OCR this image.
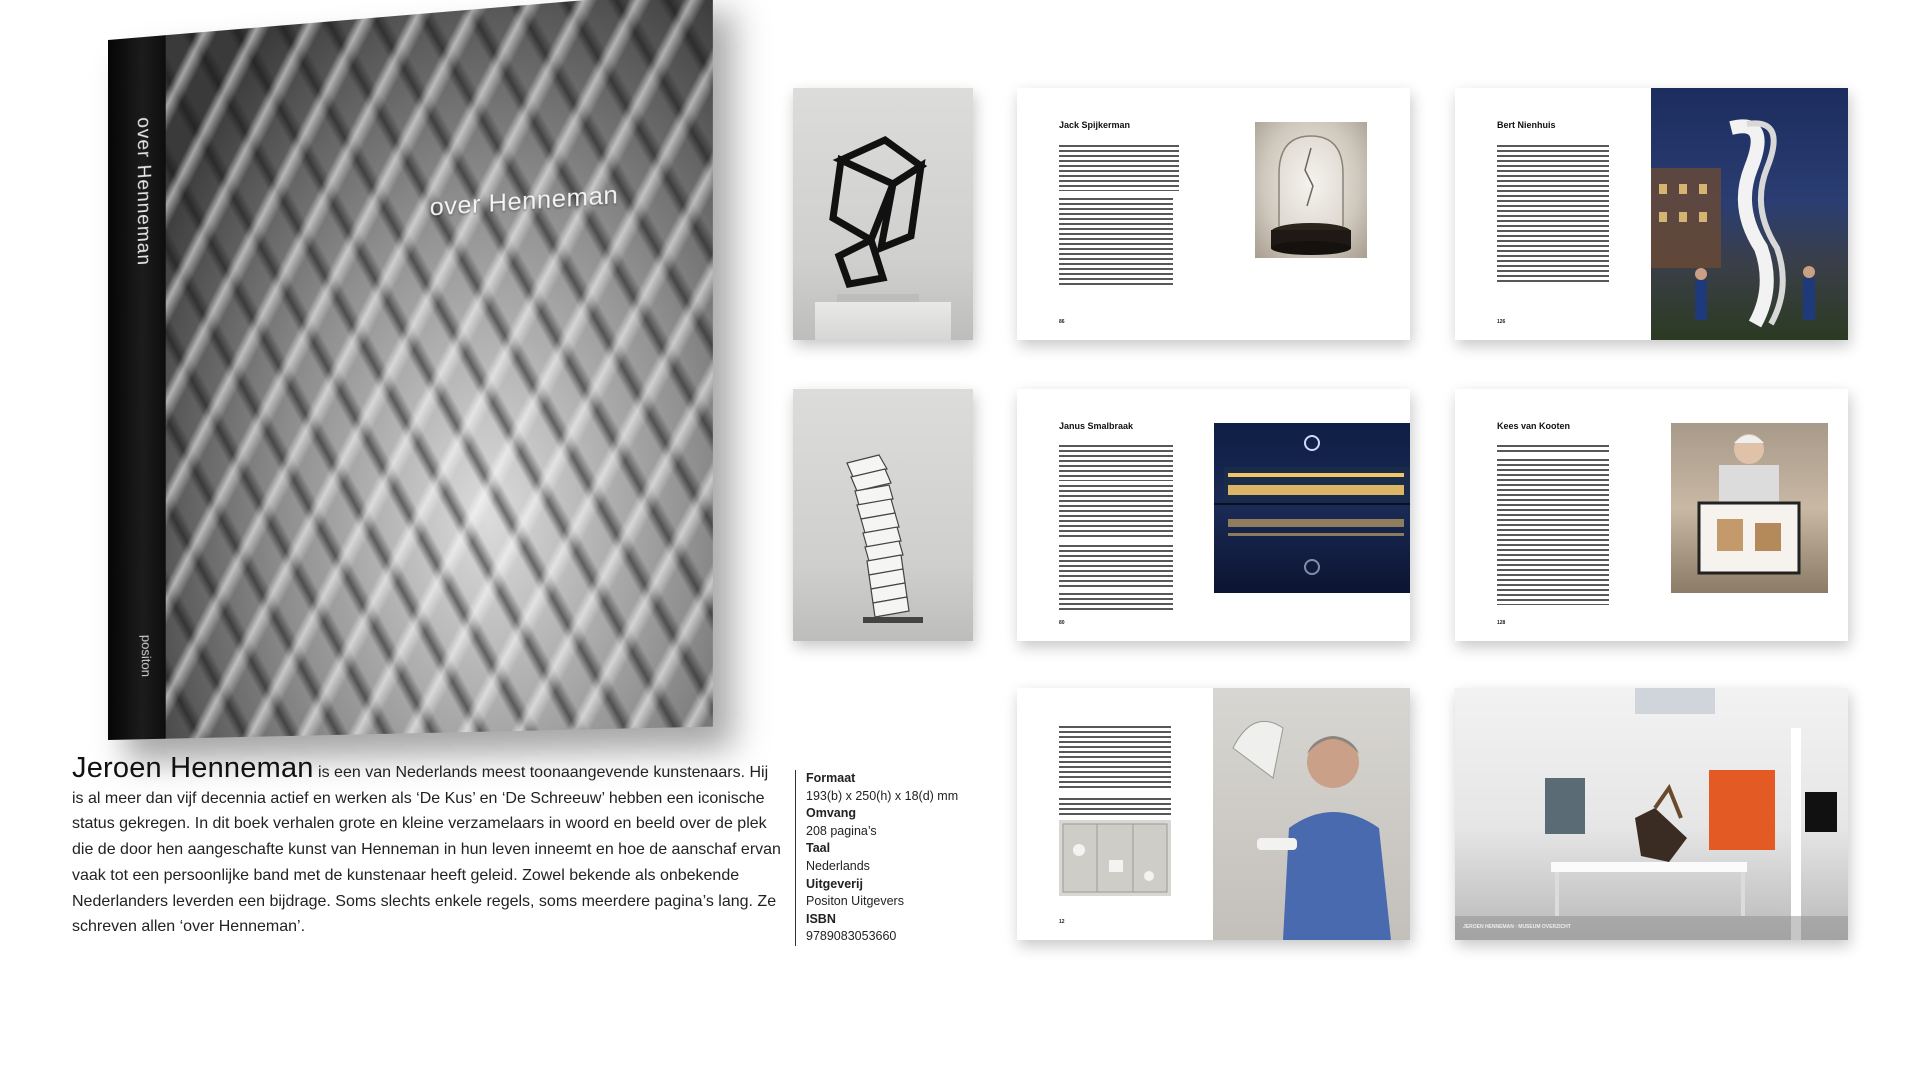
over Henneman
positon
over Henneman
Jeroen Henneman is een van Nederlands meest toonaangevende kunstenaars. Hij is al meer dan vijf decennia actief en werken als ‘De Kus’ en ‘De Schreeuw’ hebben een iconische status gekregen. In dit boek verhalen grote en kleine verzamelaars in woord en beeld over de plek die de door hen aangeschafte kunst van Henneman in hun leven inneemt en hoe de aanschaf ervan vaak tot een persoonlijke band met de kunstenaar heeft geleid. Zowel bekende als onbekende Nederlanders leverden een bijdrage. Soms slechts enkele regels, soms meerdere pagina’s lang. Ze schreven allen ‘over Henneman’.
Formaat
193(b) x 250(h) x 18(d) mm
Omvang
208 pagina’s
Taal
Nederlands
Uitgeverij
Positon Uitgevers
ISBN
9789083053660
Jack Spijkerman
86
Bert Nienhuis
126
Janus Smalbraak
80
Kees van Kooten
128
12
JEROEN HENNEMAN · MUSEUM OVERZICHT
